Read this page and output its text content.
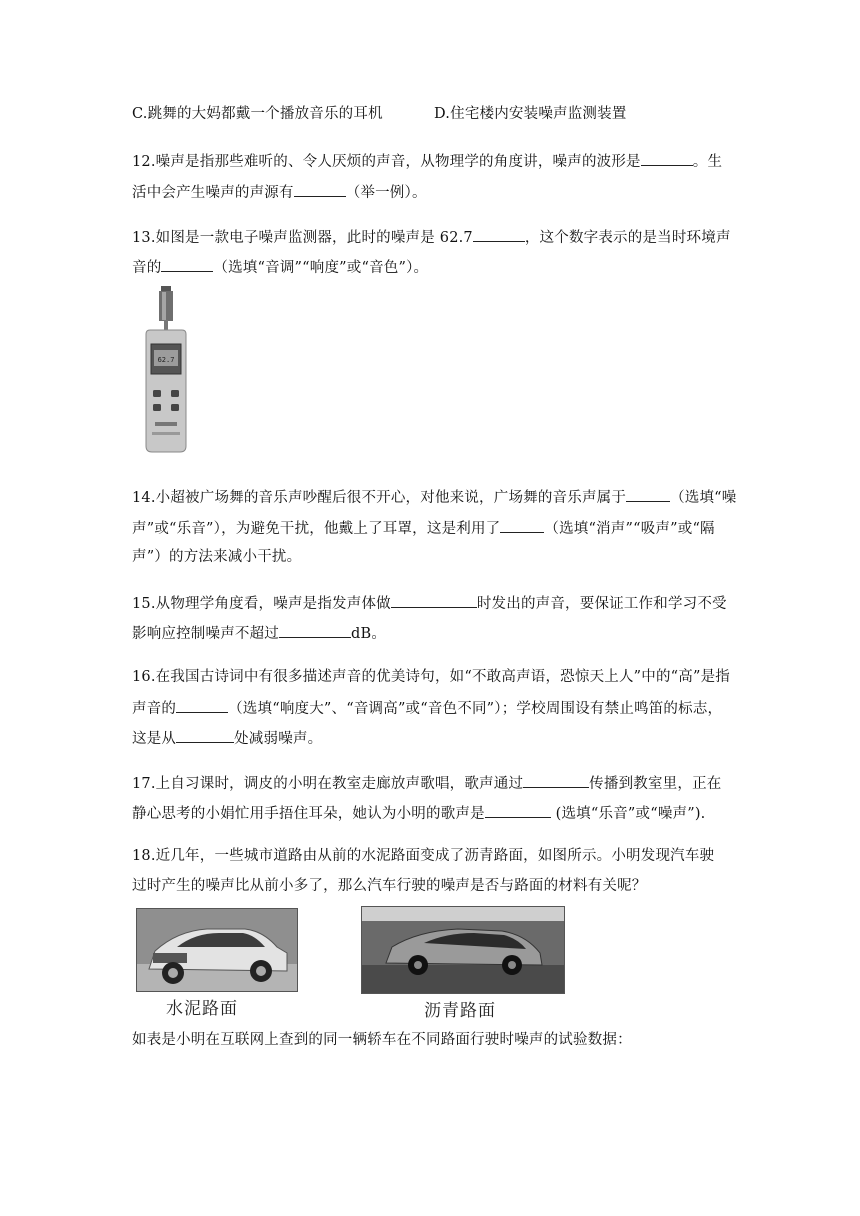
C.跳舞的大妈都戴一个播放音乐的耳机	D.住宅楼内安装噪声监测装置
12.噪声是指那些难听的、令人厌烦的声音，从物理学的角度讲，噪声的波形是	。生
活中会产生噪声的声源有	（举一例）。
13.如图是一款电子噪声监测器，此时的噪声是 62.7	，这个数字表示的是当时环境声
音的	（选填“音调”“响度”或“音色”）。
62.7
14.小超被广场舞的音乐声吵醒后很不开心，对他来说，广场舞的音乐声属于	（选填“噪
声”或“乐音”），为避免干扰，他戴上了耳罩，这是利用了	（选填“消声”“吸声”或“隔
声”）的方法来减小干扰。
15.从物理学角度看，噪声是指发声体做	时发出的声音，要保证工作和学习不受
影响应控制噪声不超过	dB。
16.在我国古诗词中有很多描述声音的优美诗句，如“不敢高声语，恐惊天上人”中的“高”是指
声音的	（选填“响度大”、“音调高”或“音色不同”）；学校周围设有禁止鸣笛的标志，
这是从	处减弱噪声。
17.上自习课时，调皮的小明在教室走廊放声歌唱，歌声通过	传播到教室里，正在
静心思考的小娟忙用手捂住耳朵，她认为小明的歌声是	(选填“乐音”或“噪声”).
18.近几年，一些城市道路由从前的水泥路面变成了沥青路面，如图所示。小明发现汽车驶
过时产生的噪声比从前小多了，那么汽车行驶的噪声是否与路面的材料有关呢？
水泥路面	沥青路面
如表是小明在互联网上查到的同一辆轿车在不同路面行驶时噪声的试验数据：
